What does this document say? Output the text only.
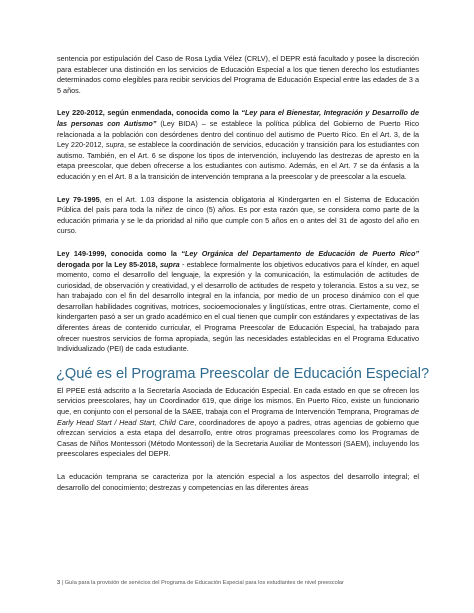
sentencia por estipulación del Caso de Rosa Lydia Vélez (CRLV), el DEPR está facultado y posee la discreción para establecer una distinción en los servicios de Educación Especial a los que tienen derecho los estudiantes determinados como elegibles para recibir servicios del Programa de Educación Especial entre las edades de 3 a 5 años.

Ley 220-2012, según enmendada, conocida como la “Ley para el Bienestar, Integración y Desarrollo de las personas con Autismo” (Ley BIDA) – se establece la política pública del Gobierno de Puerto Rico relacionada a la población con desórdenes dentro del continuo del autismo de Puerto Rico. En el Art. 3, de la Ley 220-2012, supra, se establece la coordinación de servicios, educación y transición para los estudiantes con autismo. También, en el Art. 6 se dispone los tipos de intervención, incluyendo las destrezas de apresto en la etapa preescolar, que deben ofrecerse a los estudiantes con autismo. Además, en el Art. 7 se da énfasis a la educación y en el Art. 8 a la transición de intervención temprana a la preescolar y de preescolar a la escuela.

Ley 79-1995, en el Art. 1.03 dispone la asistencia obligatoria al Kindergarten en el Sistema de Educación Pública del país para toda la niñez de cinco (5) años. Es por esta razón que, se considera como parte de la educación primaria y se le da prioridad al niño que cumple con 5 años en o antes del 31 de agosto del año en curso.

Ley 149-1999, conocida como la “Ley Orgánica del Departamento de Educación de Puerto Rico” derogada por la Ley 85-2018, supra - establece formalmente los objetivos educativos para el kínder, en aquel momento, como el desarrollo del lenguaje, la expresión y la comunicación, la estimulación de actitudes de curiosidad, de observación y creatividad, y el desarrollo de actitudes de respeto y tolerancia. Estos a su vez, se han trabajado con el fin del desarrollo integral en la infancia, por medio de un proceso dinámico con el que desarrollan habilidades cognitivas, motrices, socioemocionales y lingüísticas, entre otras. Ciertamente, como el kindergarten pasó a ser un grado académico en el cual tienen que cumplir con estándares y expectativas de las diferentes áreas de contenido curricular, el Programa Preescolar de Educación Especial, ha trabajado para ofrecer nuestros servicios de forma apropiada, según las necesidades establecidas en el Programa Educativo Individualizado (PEI) de cada estudiante.

¿Qué es el Programa Preescolar de Educación Especial?

El PPEE está adscrito a la Secretaría Asociada de Educación Especial. En cada estado en que se ofrecen los servicios preescolares, hay un Coordinador 619, que dirige los mismos. En Puerto Rico, existe un funcionario que, en conjunto con el personal de la SAEE, trabaja con el Programa de Intervención Temprana, Programas de Early Head Start / Head Start, Child Care, coordinadores de apoyo a padres, otras agencias de gobierno que ofrezcan servicios a esta etapa del desarrollo, entre otros programas preescolares como los Programas de Casas de Niños Montessori (Método Montessori) de la Secretaria Auxiliar de Montessori (SAEM), incluyendo los preescolares especiales del DEPR.

La educación temprana se caracteriza por la atención especial a los aspectos del desarrollo integral; el desarrollo del conocimiento; destrezas y competencias en las diferentes áreas

3 | Guía para la provisión de servicios del Programa de Educación Especial para los estudiantes de nivel preescolar
